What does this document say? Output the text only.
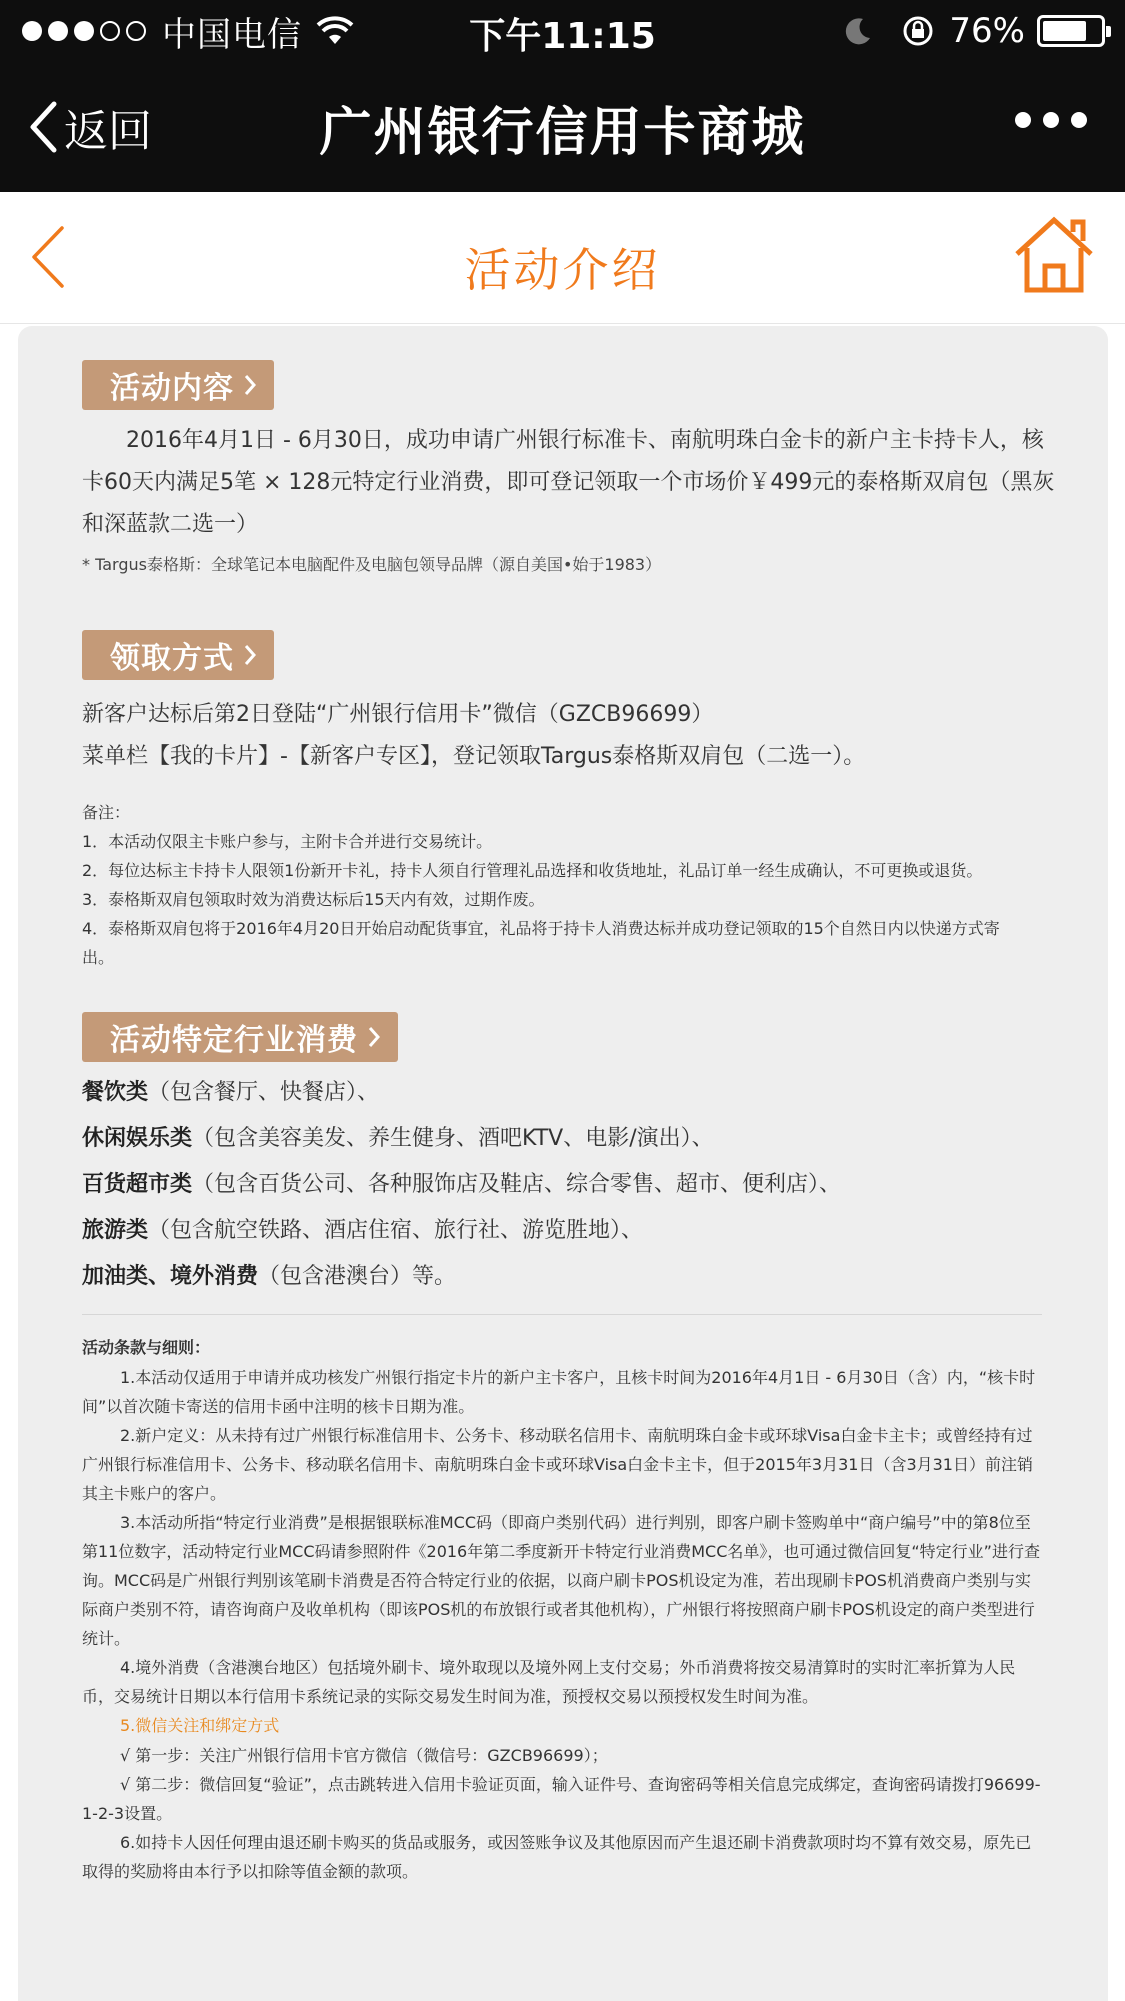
中国电信	下午11:15	76%
返回	广州银行信用卡商城
活动介绍
活动内容

2016年4月1日 - 6月30日，成功申请广州银行标准卡、南航明珠白金卡的新户主卡持卡人，核卡60天内满足5笔 × 128元特定行业消费，即可登记领取一个市场价￥499元的泰格斯双肩包（黑灰和深蓝款二选一）

* Targus泰格斯：全球笔记本电脑配件及电脑包领导品牌（源自美国•始于1983）

领取方式

新客户达标后第2日登陆“广州银行信用卡”微信（GZCB96699）

菜单栏【我的卡片】-【新客户专区】，登记领取Targus泰格斯双肩包（二选一）。

备注：

1．本活动仅限主卡账户参与，主附卡合并进行交易统计。

2．每位达标主卡持卡人限领1份新开卡礼，持卡人须自行管理礼品选择和收货地址，礼品订单一经生成确认，不可更换或退货。

3．泰格斯双肩包领取时效为消费达标后15天内有效，过期作废。

4．泰格斯双肩包将于2016年4月20日开始启动配货事宜，礼品将于持卡人消费达标并成功登记领取的15个自然日内以快递方式寄出。

活动特定行业消费

餐饮类（包含餐厅、快餐店）、

休闲娱乐类（包含美容美发、养生健身、酒吧KTV、电影/演出）、

百货超市类（包含百货公司、各种服饰店及鞋店、综合零售、超市、便利店）、

旅游类（包含航空铁路、酒店住宿、旅行社、游览胜地）、

加油类、境外消费（包含港澳台）等。

活动条款与细则：

1.本活动仅适用于申请并成功核发广州银行指定卡片的新户主卡客户，且核卡时间为2016年4月1日 - 6月30日（含）内，“核卡时间”以首次随卡寄送的信用卡函中注明的核卡日期为准。

2.新户定义：从未持有过广州银行标准信用卡、公务卡、移动联名信用卡、南航明珠白金卡或环球Visa白金卡主卡；或曾经持有过广州银行标准信用卡、公务卡、移动联名信用卡、南航明珠白金卡或环球Visa白金卡主卡，但于2015年3月31日（含3月31日）前注销其主卡账户的客户。

3.本活动所指“特定行业消费”是根据银联标准MCC码（即商户类别代码）进行判别，即客户刷卡签购单中“商户编号”中的第8位至第11位数字，活动特定行业MCC码请参照附件《2016年第二季度新开卡特定行业消费MCC名单》，也可通过微信回复“特定行业”进行查询。MCC码是广州银行判别该笔刷卡消费是否符合特定行业的依据，以商户刷卡POS机设定为准，若出现刷卡POS机消费商户类别与实际商户类别不符，请咨询商户及收单机构（即该POS机的布放银行或者其他机构），广州银行将按照商户刷卡POS机设定的商户类型进行统计。

4.境外消费（含港澳台地区）包括境外刷卡、境外取现以及境外网上支付交易；外币消费将按交易清算时的实时汇率折算为人民币，交易统计日期以本行信用卡系统记录的实际交易发生时间为准，预授权交易以预授权发生时间为准。

5.微信关注和绑定方式

√ 第一步：关注广州银行信用卡官方微信（微信号：GZCB96699）；

√ 第二步：微信回复“验证”，点击跳转进入信用卡验证页面，输入证件号、查询密码等相关信息完成绑定，查询密码请拨打96699-1-2-3设置。

6.如持卡人因任何理由退还刷卡购买的货品或服务，或因签账争议及其他原因而产生退还刷卡消费款项时均不算有效交易，原先已取得的奖励将由本行予以扣除等值金额的款项。
